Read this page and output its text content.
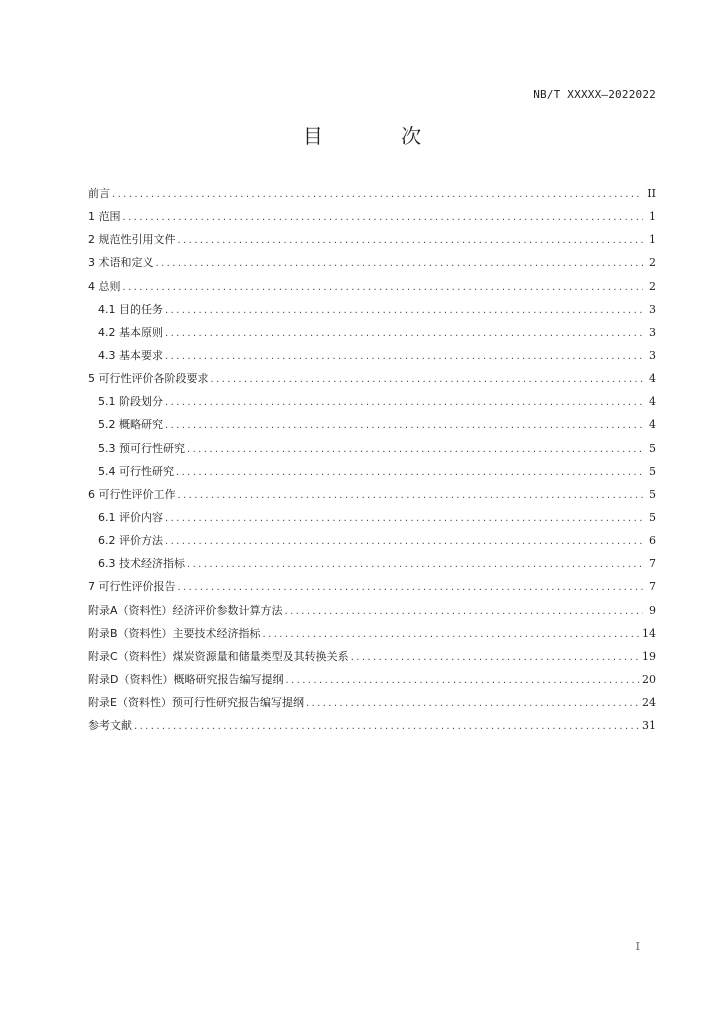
NB/T XXXXX—2022022
目 次
前言 .....	II
1 范围 .....	1
2 规范性引用文件 .....	1
3 术语和定义 .....	2
4 总则 .....	2
4.1 目的任务 .....	3
4.2 基本原则 .....	3
4.3 基本要求 .....	3
5 可行性评价各阶段要求 .....	4
5.1 阶段划分 .....	4
5.2 概略研究 .....	4
5.3 预可行性研究 .....	5
5.4 可行性研究 .....	5
6 可行性评价工作 .....	5
6.1 评价内容 .....	5
6.2 评价方法 .....	6
6.3 技术经济指标 .....	7
7 可行性评价报告 .....	7
附录A（资料性）经济评价参数计算方法 .....	9
附录B（资料性）主要技术经济指标 .....	14
附录C（资料性）煤炭资源量和储量类型及其转换关系 .....	19
附录D（资料性）概略研究报告编写提纲 .....	20
附录E（资料性）预可行性研究报告编写提纲 .....	24
参考文献 .....	31
I
